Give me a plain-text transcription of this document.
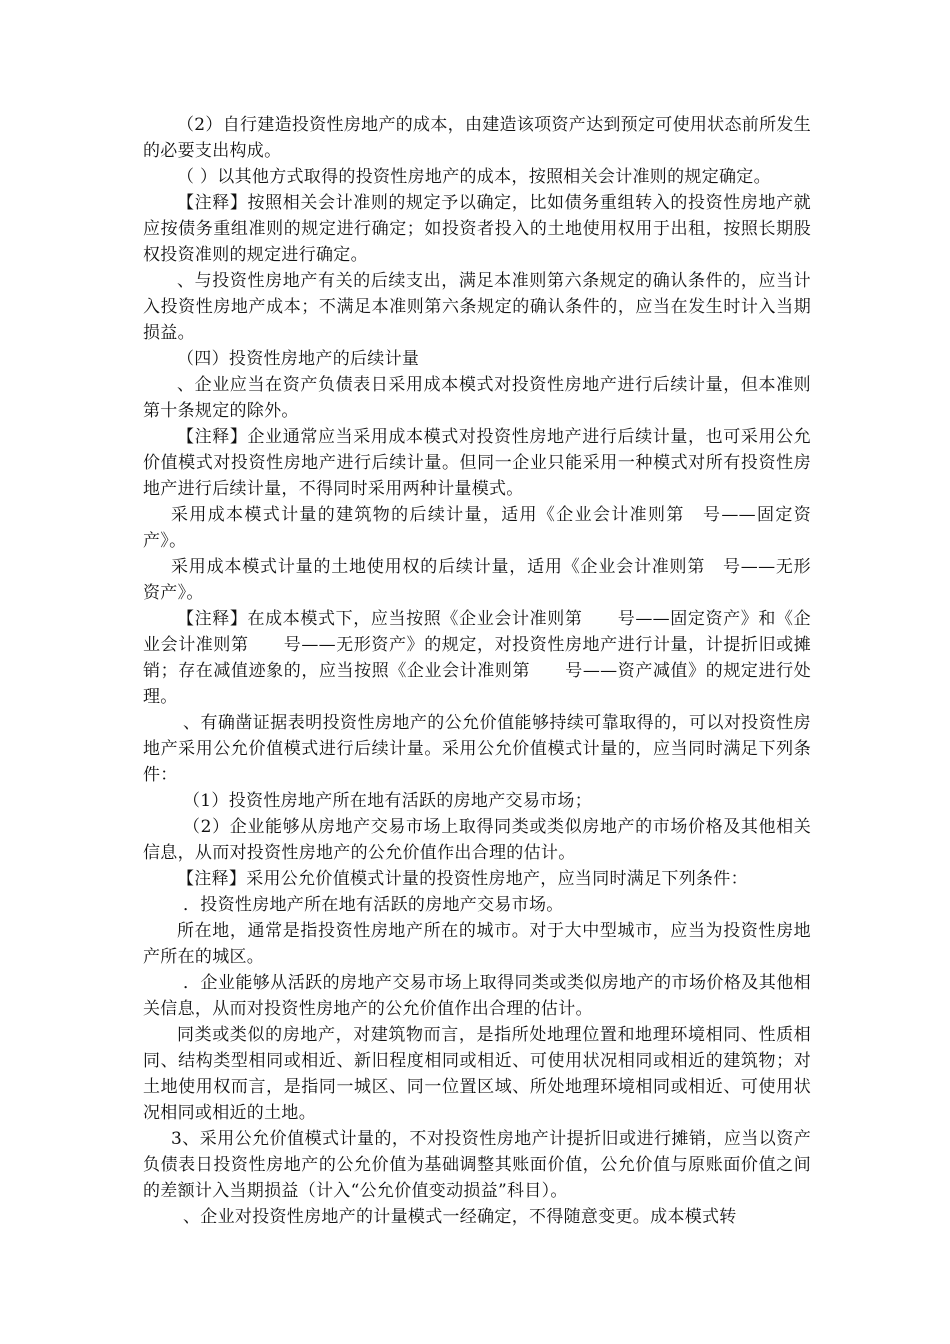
（2）自行建造投资性房地产的成本，由建造该项资产达到预定可使用状态前所发生的必要支出构成。

（ ）以其他方式取得的投资性房地产的成本，按照相关会计准则的规定确定。

【注释】按照相关会计准则的规定予以确定，比如债务重组转入的投资性房地产就应按债务重组准则的规定进行确定；如投资者投入的土地使用权用于出租，按照长期股权投资准则的规定进行确定。

、与投资性房地产有关的后续支出，满足本准则第六条规定的确认条件的，应当计入投资性房地产成本；不满足本准则第六条规定的确认条件的，应当在发生时计入当期损益。

（四）投资性房地产的后续计量

、企业应当在资产负债表日采用成本模式对投资性房地产进行后续计量，但本准则第十条规定的除外。

【注释】企业通常应当采用成本模式对投资性房地产进行后续计量，也可采用公允价值模式对投资性房地产进行后续计量。但同一企业只能采用一种模式对所有投资性房地产进行后续计量，不得同时采用两种计量模式。

采用成本模式计量的建筑物的后续计量，适用《企业会计准则第　号——固定资产》。

采用成本模式计量的土地使用权的后续计量，适用《企业会计准则第　号——无形资产》。

【注释】在成本模式下，应当按照《企业会计准则第　　号——固定资产》和《企业会计准则第　　号——无形资产》的规定，对投资性房地产进行计量，计提折旧或摊销；存在减值迹象的，应当按照《企业会计准则第　　号——资产减值》的规定进行处理。

、有确凿证据表明投资性房地产的公允价值能够持续可靠取得的，可以对投资性房地产采用公允价值模式进行后续计量。采用公允价值模式计量的，应当同时满足下列条件：

（1）投资性房地产所在地有活跃的房地产交易市场；

（2）企业能够从房地产交易市场上取得同类或类似房地产的市场价格及其他相关信息，从而对投资性房地产的公允价值作出合理的估计。

【注释】采用公允价值模式计量的投资性房地产，应当同时满足下列条件：

．投资性房地产所在地有活跃的房地产交易市场。

所在地，通常是指投资性房地产所在的城市。对于大中型城市，应当为投资性房地产所在的城区。

．企业能够从活跃的房地产交易市场上取得同类或类似房地产的市场价格及其他相关信息，从而对投资性房地产的公允价值作出合理的估计。

同类或类似的房地产，对建筑物而言，是指所处地理位置和地理环境相同、性质相同、结构类型相同或相近、新旧程度相同或相近、可使用状况相同或相近的建筑物；对土地使用权而言，是指同一城区、同一位置区域、所处地理环境相同或相近、可使用状况相同或相近的土地。

3、采用公允价值模式计量的，不对投资性房地产计提折旧或进行摊销，应当以资产负债表日投资性房地产的公允价值为基础调整其账面价值，公允价值与原账面价值之间的差额计入当期损益（计入“公允价值变动损益”科目）。

、企业对投资性房地产的计量模式一经确定，不得随意变更。成本模式转
